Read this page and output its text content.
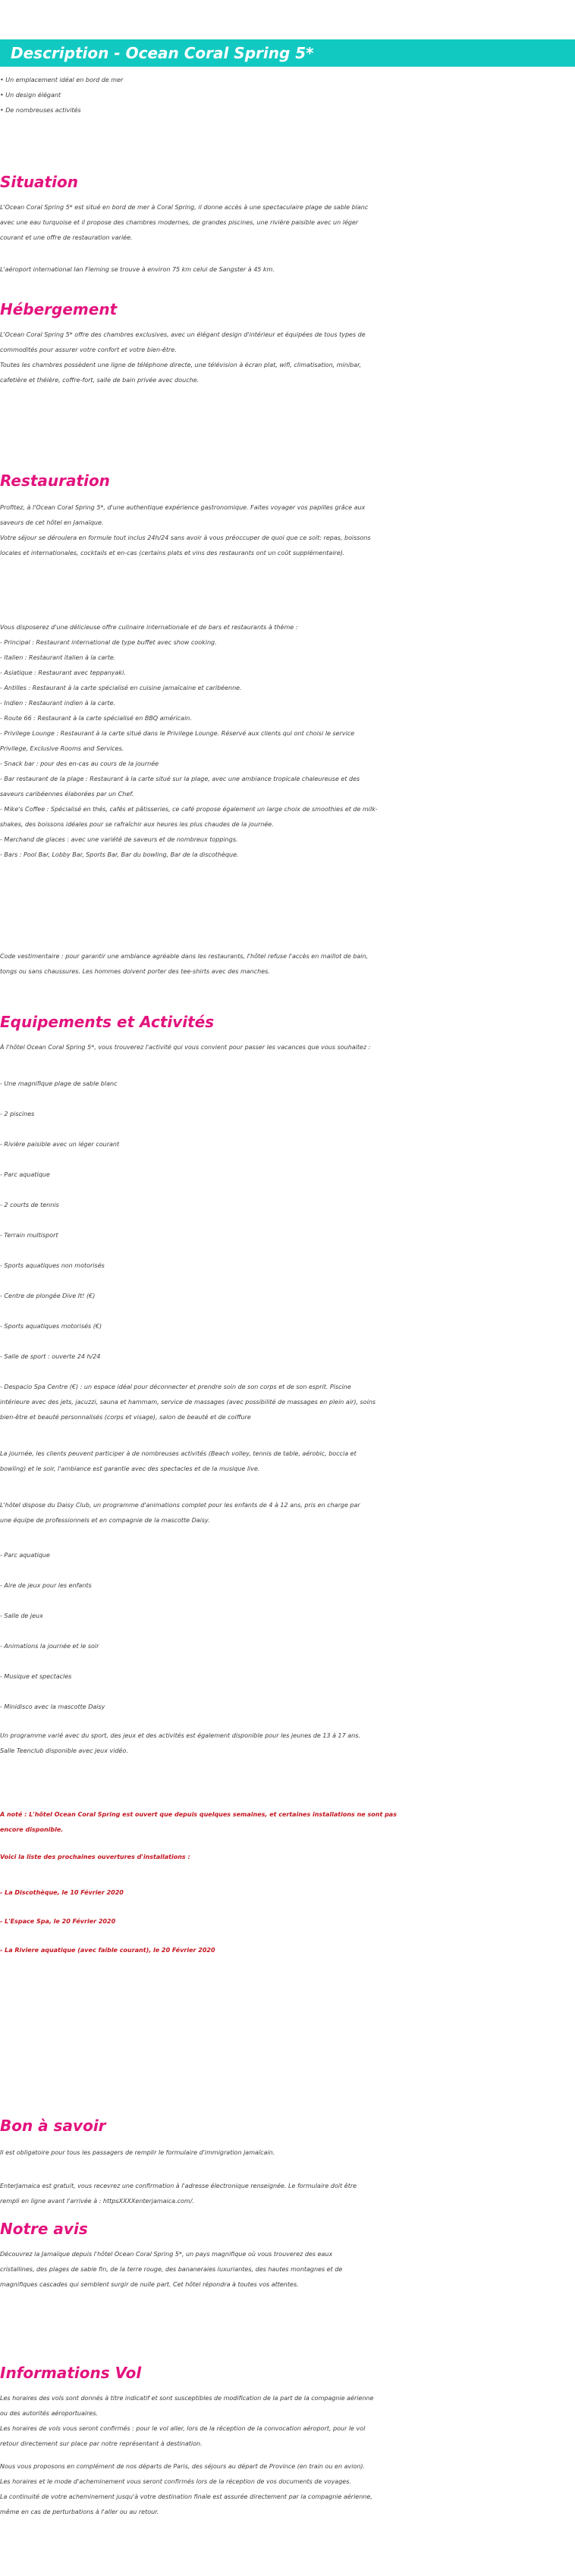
Description - Ocean Coral Spring 5*
• Un emplacement idéal en bord de mer
• Un design élégant
• De nombreuses activités
Situation
L'Ocean Coral Spring 5* est situé en bord de mer à Coral Spring, il donne accès à une spectaculaire plage de sable blanc
avec une eau turquoise et il propose des chambres modernes, de grandes piscines, une rivière paisible avec un léger
courant et une offre de restauration variée.
L'aéroport international Ian Fleming se trouve à environ 75 km celui de Sangster à 45 km.
Hébergement
L'Ocean Coral Spring 5* offre des chambres exclusives, avec un élégant design d'intérieur et équipées de tous types de
commodités pour assurer votre confort et votre bien-être.
Toutes les chambres possèdent une ligne de téléphone directe, une télévision à écran plat, wifi, climatisation, minibar,
cafetière et théière, coffre-fort, salle de bain privée avec douche.
Restauration
Profitez, à l'Ocean Coral Spring 5*, d'une authentique expérience gastronomique. Faites voyager vos papilles grâce aux
saveurs de cet hôtel en Jamaïque.
Votre séjour se déroulera en formule tout inclus 24h/24 sans avoir à vous préoccuper de quoi que ce soit: repas, boissons
locales et internationales, cocktails et en-cas (certains plats et vins des restaurants ont un coût supplémentaire).
Vous disposerez d'une délicieuse offre culinaire internationale et de bars et restaurants à thème :
- Principal : Restaurant international de type buffet avec show cooking.
- Italien : Restaurant italien à la carte.
- Asiatique : Restaurant avec teppanyaki.
- Antilles : Restaurant à la carte spécialisé en cuisine jamaïcaine et caribéenne.
- Indien : Restaurant indien à la carte.
- Route 66 : Restaurant à la carte spécialisé en BBQ américain.
- Privilege Lounge : Restaurant à la carte situé dans le Privilege Lounge. Réservé aux clients qui ont choisi le service
Privilege, Exclusive Rooms and Services.
- Snack bar : pour des en-cas au cours de la journée
- Bar restaurant de la plage : Restaurant à la carte situé sur la plage, avec une ambiance tropicale chaleureuse et des
saveurs caribéennes élaborées par un Chef.
- Mike's Coffee : Spécialisé en thés, cafés et pâtisseries, ce café propose également un large choix de smoothies et de milk-
shakes, des boissons idéales pour se rafraîchir aux heures les plus chaudes de la journée.
- Marchand de glaces : avec une variété de saveurs et de nombreux toppings.
- Bars : Pool Bar, Lobby Bar, Sports Bar, Bar du bowling, Bar de la discothèque.
Code vestimentaire : pour garantir une ambiance agréable dans les restaurants, l'hôtel refuse l'accès en maillot de bain,
tongs ou sans chaussures. Les hommes doivent porter des tee-shirts avec des manches.
Equipements et Activités
À l'hôtel Ocean Coral Spring 5*, vous trouverez l'activité qui vous convient pour passer les vacances que vous souhaitez :
- Une magnifique plage de sable blanc
- 2 piscines
- Rivière paisible avec un léger courant
- Parc aquatique
- 2 courts de tennis
- Terrain multisport
- Sports aquatiques non motorisés
- Centre de plongée Dive It! (€)
- Sports aquatiques motorisés (€)
- Salle de sport : ouverte 24 h/24
- Despacio Spa Centre (€) : un espace idéal pour déconnecter et prendre soin de son corps et de son esprit. Piscine
intérieure avec des jets, jacuzzi, sauna et hammam, service de massages (avec possibilité de massages en plein air), soins
bien-être et beauté personnalisés (corps et visage), salon de beauté et de coiffure
La journée, les clients peuvent participer à de nombreuses activités (Beach volley, tennis de table, aérobic, boccia et
bowling) et le soir, l'ambiance est garantie avec des spectacles et de la musique live.
L'hôtel dispose du Daisy Club, un programme d'animations complet pour les enfants de 4 à 12 ans, pris en charge par
une équipe de professionnels et en compagnie de la mascotte Daisy.
- Parc aquatique
- Aire de jeux pour les enfants
- Salle de jeux
- Animations la journée et le soir
- Musique et spectacles
- Minidisco avec la mascotte Daisy
Un programme varié avec du sport, des jeux et des activités est également disponible pour les jeunes de 13 à 17 ans.
Salle Teenclub disponible avec jeux vidéo.
A noté : L'hôtel Ocean Coral Spring est ouvert que depuis quelques semaines, et certaines installations ne sont pas
encore disponible.
Voici la liste des prochaines ouvertures d'installations :
- La Discothèque, le 10 Février 2020
- L'Espace Spa, le 20 Février 2020
- La Riviere aquatique (avec faible courant), le 20 Février 2020
Bon à savoir
Il est obligatoire pour tous les passagers de remplir le formulaire d'immigration jamaïcain.
EnterJamaica est gratuit, vous recevrez une confirmation à l'adresse électronique renseignée. Le formulaire doit être
rempli en ligne avant l'arrivée à : httpsXXXXenterjamaica.com/.
Notre avis
Découvrez la Jamaïque depuis l'hôtel Ocean Coral Spring 5*, un pays magnifique où vous trouverez des eaux
cristallines, des plages de sable fin, de la terre rouge, des bananeraies luxuriantes, des hautes montagnes et de
magnifiques cascades qui semblent surgir de nulle part. Cet hôtel répondra à toutes vos attentes.
Informations Vol
Les horaires des vols sont donnés à titre indicatif et sont susceptibles de modification de la part de la compagnie aérienne
ou des autorités aéroportuaires.
Les horaires de vols vous seront confirmés : pour le vol aller, lors de la réception de la convocation aéroport, pour le vol
retour directement sur place par notre représentant à destination.
Nous vous proposons en complément de nos départs de Paris, des séjours au départ de Province (en train ou en avion).
Les horaires et le mode d'acheminement vous seront confirmés lors de la réception de vos documents de voyages.
La continuité de votre acheminement jusqu'à votre destination finale est assurée directement par la compagnie aérienne,
même en cas de perturbations à l'aller ou au retour.
